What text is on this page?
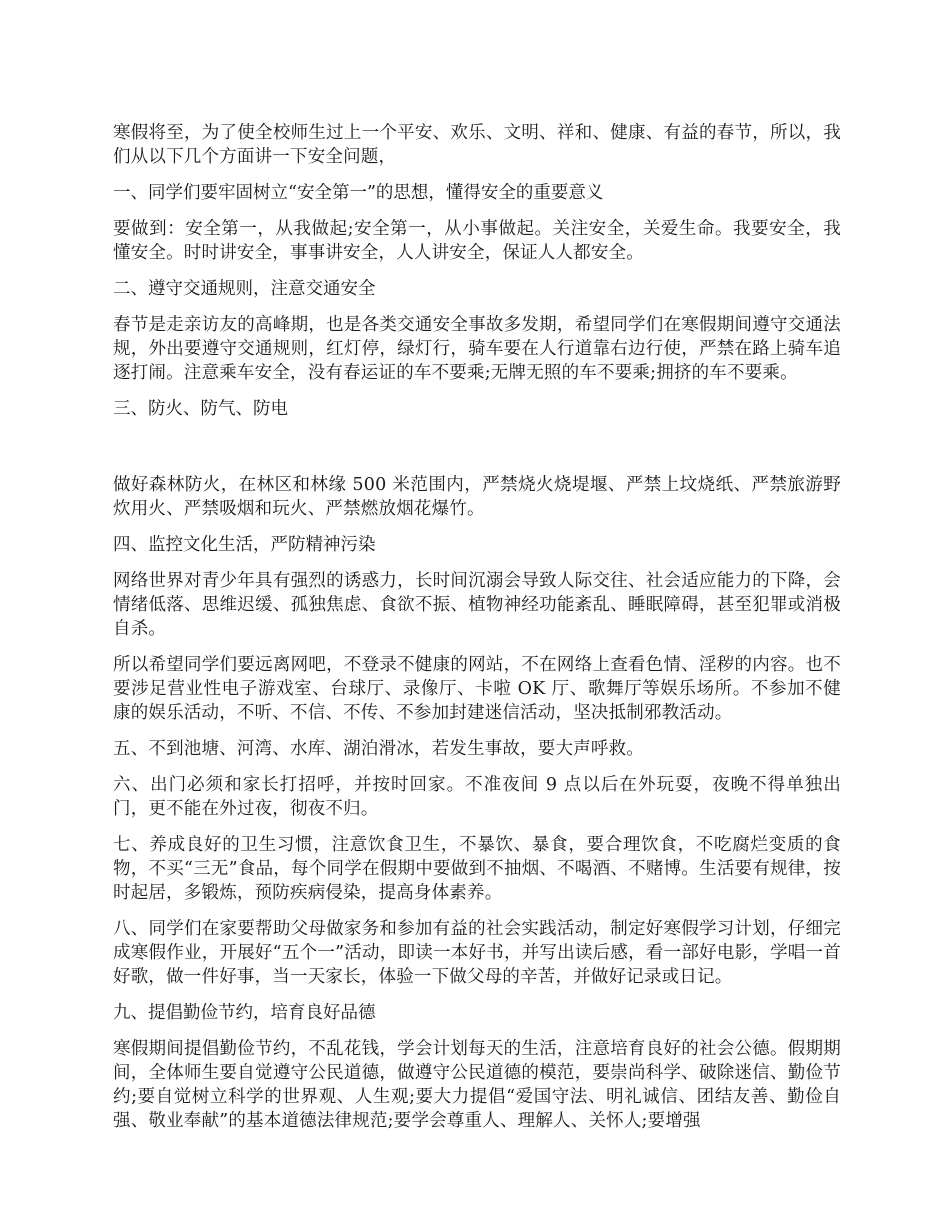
寒假将至，为了使全校师生过上一个平安、欢乐、文明、祥和、健康、有益的春节，所以，我们从以下几个方面讲一下安全问题，

一、同学们要牢固树立“安全第一”的思想，懂得安全的重要意义

要做到：安全第一，从我做起;安全第一，从小事做起。关注安全，关爱生命。我要安全，我懂安全。时时讲安全，事事讲安全，人人讲安全，保证人人都安全。

二、遵守交通规则，注意交通安全

春节是走亲访友的高峰期，也是各类交通安全事故多发期，希望同学们在寒假期间遵守交通法规，外出要遵守交通规则，红灯停，绿灯行，骑车要在人行道靠右边行使，严禁在路上骑车追逐打闹。注意乘车安全，没有春运证的车不要乘;无牌无照的车不要乘;拥挤的车不要乘。

三、防火、防气、防电

做好森林防火，在林区和林缘 500 米范围内，严禁烧火烧堤堰、严禁上坟烧纸、严禁旅游野炊用火、严禁吸烟和玩火、严禁燃放烟花爆竹。

四、监控文化生活，严防精神污染

网络世界对青少年具有强烈的诱惑力，长时间沉溺会导致人际交往、社会适应能力的下降，会情绪低落、思维迟缓、孤独焦虑、食欲不振、植物神经功能紊乱、睡眠障碍，甚至犯罪或消极自杀。

所以希望同学们要远离网吧，不登录不健康的网站，不在网络上查看色情、淫秽的内容。也不要涉足营业性电子游戏室、台球厅、录像厅、卡啦 OK 厅、歌舞厅等娱乐场所。不参加不健康的娱乐活动，不听、不信、不传、不参加封建迷信活动，坚决抵制邪教活动。

五、不到池塘、河湾、水库、湖泊滑冰，若发生事故，要大声呼救。

六、出门必须和家长打招呼，并按时回家。不准夜间 9 点以后在外玩耍，夜晚不得单独出门，更不能在外过夜，彻夜不归。

七、养成良好的卫生习惯，注意饮食卫生，不暴饮、暴食，要合理饮食，不吃腐烂变质的食物，不买“三无”食品，每个同学在假期中要做到不抽烟、不喝酒、不赌博。生活要有规律，按时起居，多锻炼，预防疾病侵染，提高身体素养。

八、同学们在家要帮助父母做家务和参加有益的社会实践活动，制定好寒假学习计划，仔细完成寒假作业，开展好“五个一”活动，即读一本好书，并写出读后感，看一部好电影，学唱一首好歌，做一件好事，当一天家长，体验一下做父母的辛苦，并做好记录或日记。

九、提倡勤俭节约，培育良好品德

寒假期间提倡勤俭节约，不乱花钱，学会计划每天的生活，注意培育良好的社会公德。假期期间，全体师生要自觉遵守公民道德，做遵守公民道德的模范，要崇尚科学、破除迷信、勤俭节约;要自觉树立科学的世界观、人生观;要大力提倡“爱国守法、明礼诚信、团结友善、勤俭自强、敬业奉献”的基本道德法律规范;要学会尊重人、理解人、关怀人;要增强
